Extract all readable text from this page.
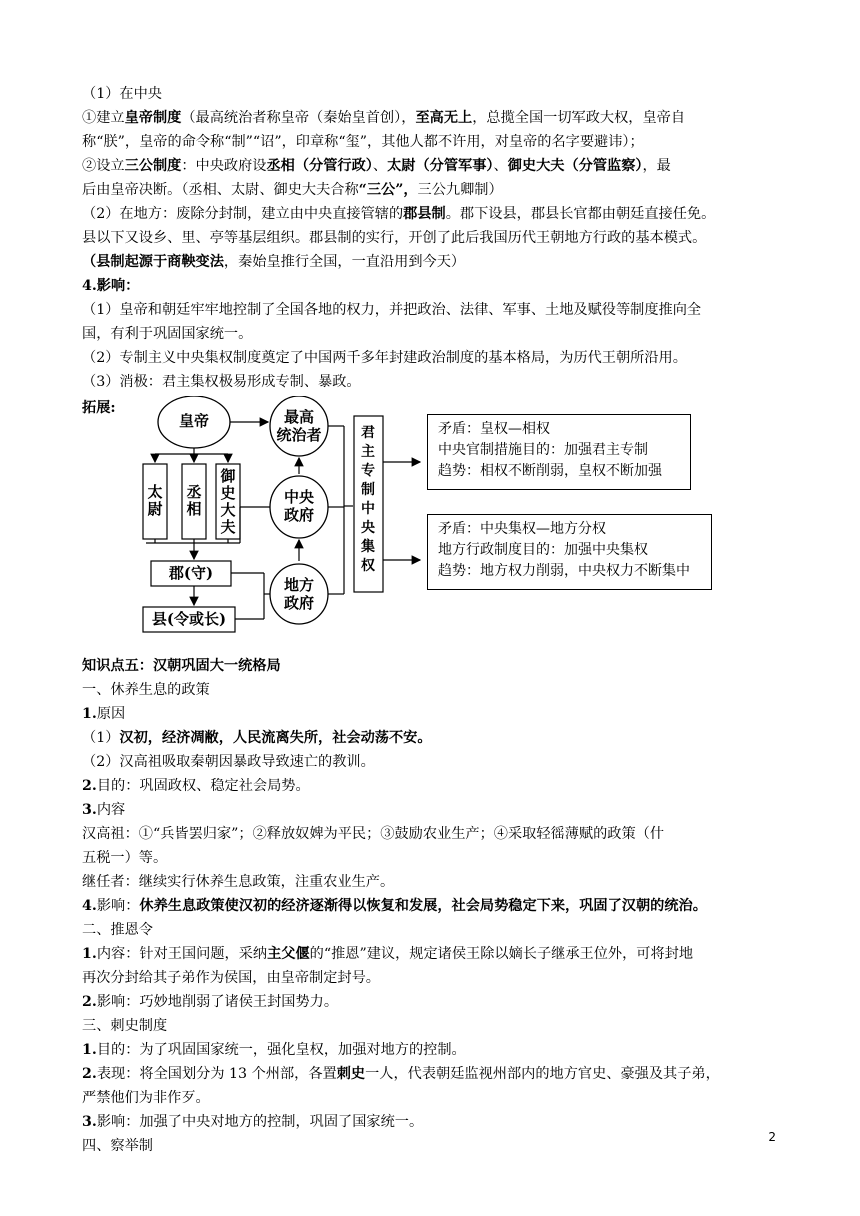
（1）在中央
①建立皇帝制度（最高统治者称皇帝（秦始皇首创），至高无上，总揽全国一切军政大权，皇帝自
称“朕”，皇帝的命令称“制”“诏”，印章称“玺”，其他人都不许用，对皇帝的名字要避讳）；
②设立三公制度：中央政府设丞相（分管行政）、太尉（分管军事）、御史大夫（分管监察），最
后由皇帝决断。（丞相、太尉、御史大夫合称“三公”，三公九卿制）
（2）在地方：废除分封制，建立由中央直接管辖的郡县制。郡下设县，郡县长官都由朝廷直接任免。
县以下又设乡、里、亭等基层组织。郡县制的实行，开创了此后我国历代王朝地方行政的基本模式。
（县制起源于商鞅变法，秦始皇推行全国，一直沿用到今天）
4.影响：
（1）皇帝和朝廷牢牢地控制了全国各地的权力，并把政治、法律、军事、土地及赋役等制度推向全
国，有利于巩固国家统一。
（2）专制主义中央集权制度奠定了中国两千多年封建政治制度的基本格局，为历代王朝所沿用。
（3）消极：君主集权极易形成专制、暴政。
拓展:
皇帝	最高
统治者
中央
政府
地方
政府
太
尉
丞
相
御
史
大
夫
郡(守)
县(令或长)
君
主
专
制
中
央
集
权
矛盾：皇权—相权
中央官制措施目的：加强君主专制
趋势：相权不断削弱，皇权不断加强
矛盾：中央集权—地方分权
地方行政制度目的：加强中央集权
趋势：地方权力削弱，中央权力不断集中
知识点五：汉朝巩固大一统格局
一、休养生息的政策
1.原因
（1）汉初，经济凋敝，人民流离失所，社会动荡不安。
（2）汉高祖吸取秦朝因暴政导致速亡的教训。
2.目的：巩固政权、稳定社会局势。
3.内容
汉高祖：①“兵皆罢归家”；②释放奴婢为平民；③鼓励农业生产；④采取轻徭薄赋的政策（什
五税一）等。
继任者：继续实行休养生息政策，注重农业生产。
4.影响：休养生息政策使汉初的经济逐渐得以恢复和发展，社会局势稳定下来，巩固了汉朝的统治。
二、推恩令
1.内容：针对王国问题，采纳主父偃的“推恩”建议，规定诸侯王除以嫡长子继承王位外，可将封地
再次分封给其子弟作为侯国，由皇帝制定封号。
2.影响：巧妙地削弱了诸侯王封国势力。
三、刺史制度
1.目的：为了巩固国家统一，强化皇权，加强对地方的控制。
2.表现：将全国划分为 13 个州部，各置刺史一人，代表朝廷监视州部内的地方官史、豪强及其子弟，
严禁他们为非作歹。
3.影响：加强了中央对地方的控制，巩固了国家统一。
四、察举制
2
